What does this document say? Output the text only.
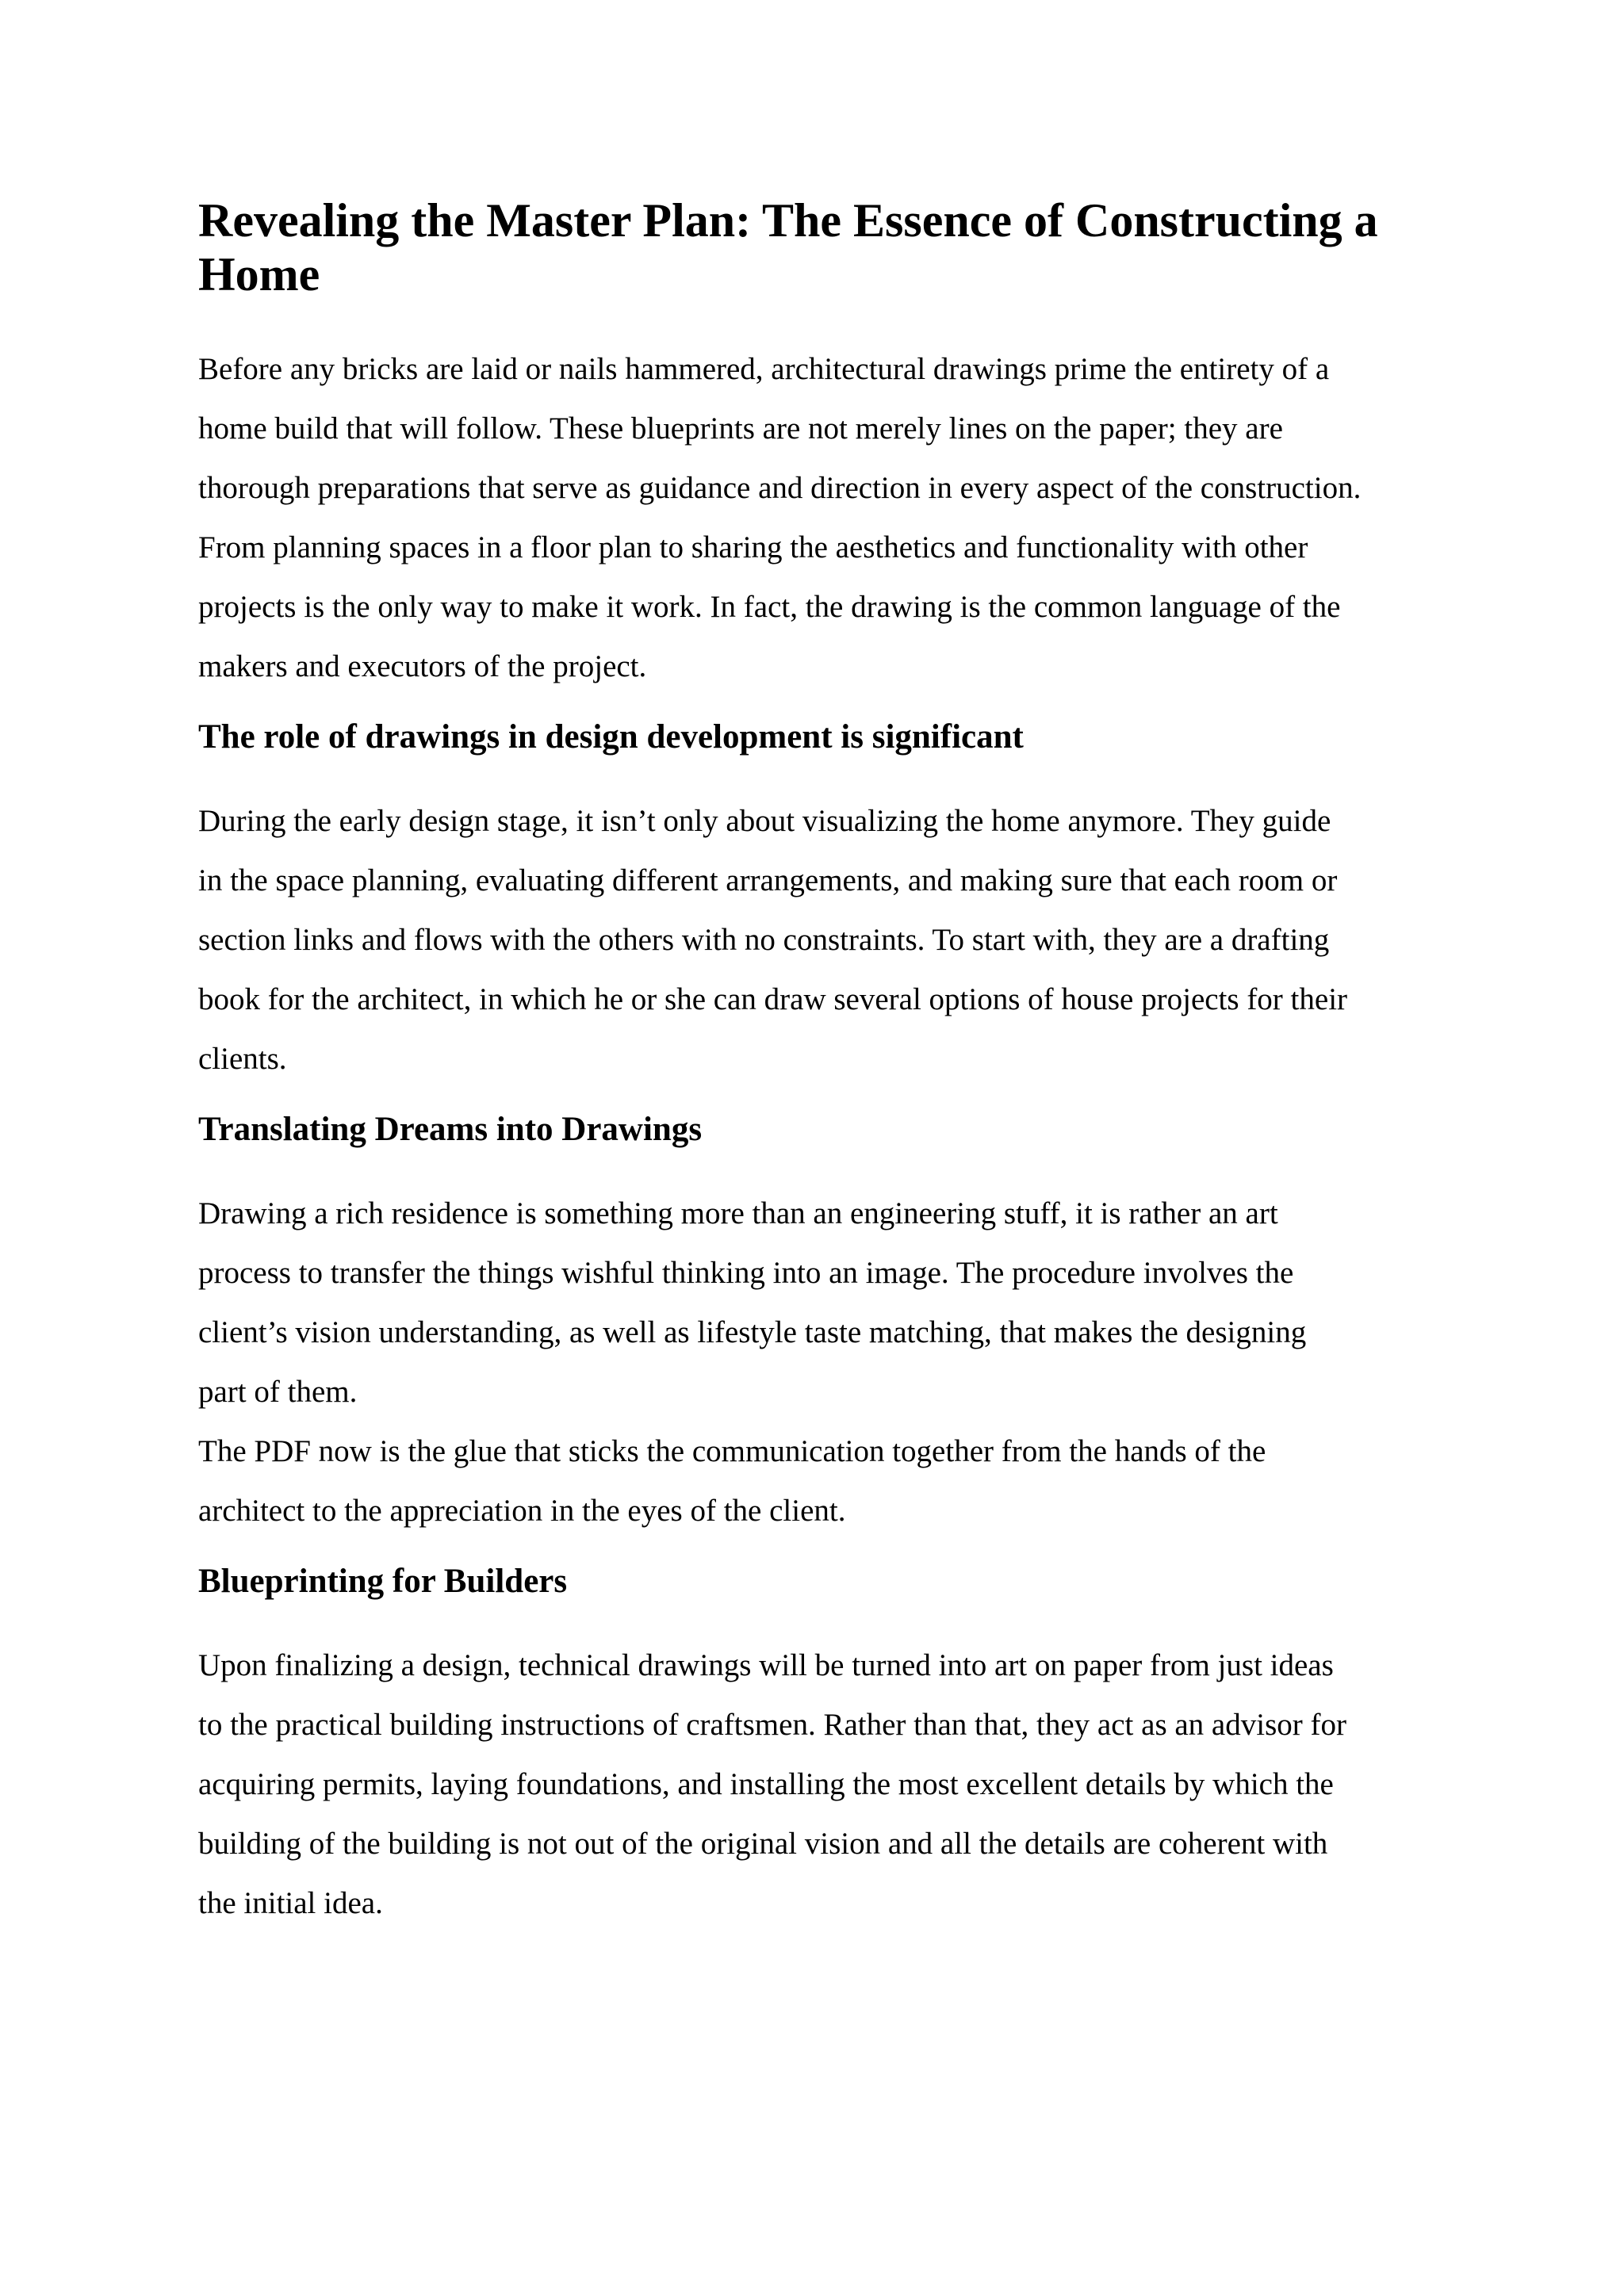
Revealing the Master Plan: The Essence of Constructing a
Home

Before any bricks are laid or nails hammered, architectural drawings prime the entirety of a
home build that will follow. These blueprints are not merely lines on the paper; they are
thorough preparations that serve as guidance and direction in every aspect of the construction.
From planning spaces in a floor plan to sharing the aesthetics and functionality with other
projects is the only way to make it work. In fact, the drawing is the common language of the
makers and executors of the project.

The role of drawings in design development is significant

During the early design stage, it isn’t only about visualizing the home anymore. They guide
in the space planning, evaluating different arrangements, and making sure that each room or
section links and flows with the others with no constraints. To start with, they are a drafting
book for the architect, in which he or she can draw several options of house projects for their
clients.

Translating Dreams into Drawings

Drawing a rich residence is something more than an engineering stuff, it is rather an art
process to transfer the things wishful thinking into an image. The procedure involves the
client’s vision understanding, as well as lifestyle taste matching, that makes the designing
part of them.

The PDF now is the glue that sticks the communication together from the hands of the
architect to the appreciation in the eyes of the client.

Blueprinting for Builders

Upon finalizing a design, technical drawings will be turned into art on paper from just ideas
to the practical building instructions of craftsmen. Rather than that, they act as an advisor for
acquiring permits, laying foundations, and installing the most excellent details by which the
building of the building is not out of the original vision and all the details are coherent with
the initial idea.
